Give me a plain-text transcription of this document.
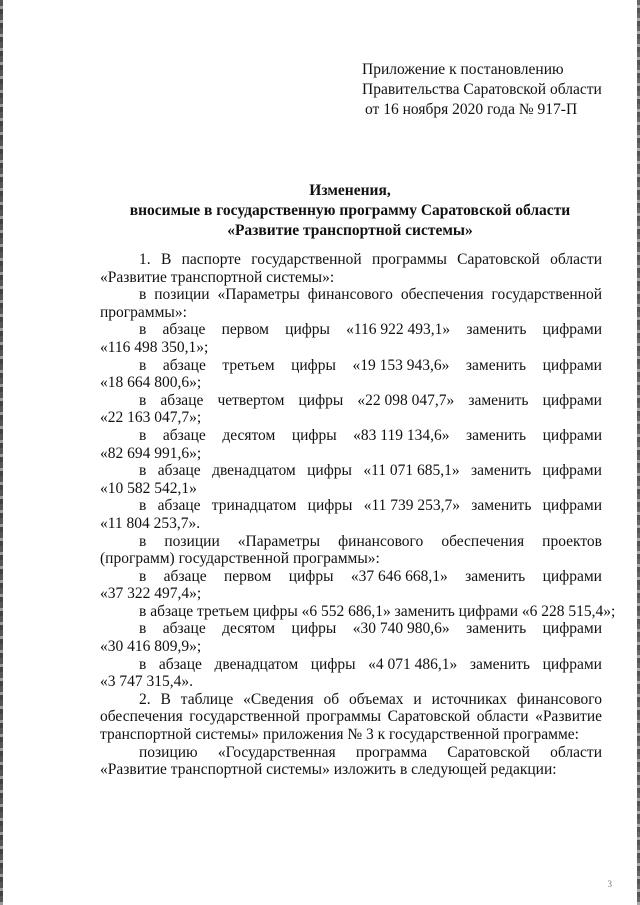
Приложение к постановлению
Правительства Саратовской области
от 16 ноября 2020 года № 917-П
Изменения,
вносимые в государственную программу Саратовской области
«Развитие транспортной системы»

1. В паспорте государственной программы Саратовской области «Развитие транспортной системы»:

в позиции «Параметры финансового обеспечения государственной программы»:

в абзаце первом цифры «116 922 493,1» заменить цифрами
«116 498 350,1»;
в абзаце третьем цифры «19 153 943,6» заменить цифрами
«18 664 800,6»;
в абзаце четвертом цифры «22 098 047,7» заменить цифрами
«22 163 047,7»;
в абзаце десятом цифры «83 119 134,6» заменить цифрами
«82 694 991,6»;
в абзаце двенадцатом цифры «11 071 685,1» заменить цифрами
«10 582 542,1»
в абзаце тринадцатом цифры «11 739 253,7» заменить цифрами
«11 804 253,7».

в позиции «Параметры финансового обеспечения проектов (программ) государственной программы»:

в абзаце первом цифры «37 646 668,1» заменить цифрами
«37 322 497,4»;

в абзаце третьем цифры «6 552 686,1» заменить цифрами «6 228 515,4»;

в абзаце десятом цифры «30 740 980,6» заменить цифрами
«30 416 809,9»;
в абзаце двенадцатом цифры «4 071 486,1» заменить цифрами
«3 747 315,4».

2. В таблице «Сведения об объемах и источниках финансового обеспечения государственной программы Саратовской области «Развитие транспортной системы» приложения № 3 к государственной программе:

позицию «Государственная программа Саратовской области «Развитие транспортной системы» изложить в следующей редакции:

3
